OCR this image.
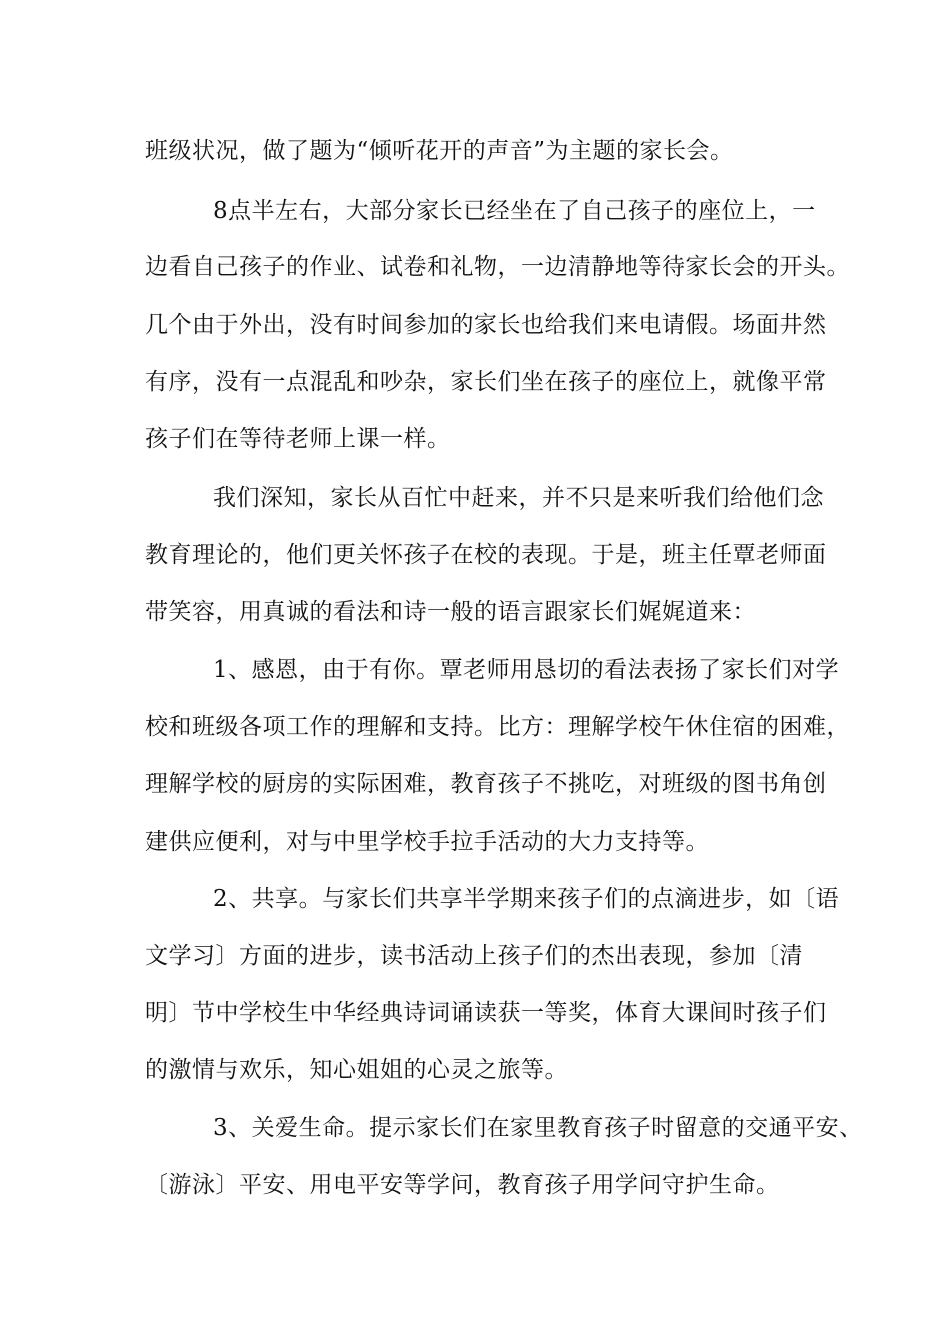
班级状况，做了题为“倾听花开的声音”为主题的家长会。
8点半左右，大部分家长已经坐在了自己孩子的座位上，一
边看自己孩子的作业、试卷和礼物，一边清静地等待家长会的开头。
几个由于外出，没有时间参加的家长也给我们来电请假。场面井然
有序，没有一点混乱和吵杂，家长们坐在孩子的座位上，就像平常
孩子们在等待老师上课一样。
我们深知，家长从百忙中赶来，并不只是来听我们给他们念
教育理论的，他们更关怀孩子在校的表现。于是，班主任覃老师面
带笑容，用真诚的看法和诗一般的语言跟家长们娓娓道来：
1、感恩，由于有你。覃老师用恳切的看法表扬了家长们对学
校和班级各项工作的理解和支持。比方：理解学校午休住宿的困难，
理解学校的厨房的实际困难，教育孩子不挑吃，对班级的图书角创
建供应便利，对与中里学校手拉手活动的大力支持等。
2、共享。与家长们共享半学期来孩子们的点滴进步，如〔语
文学习〕方面的进步，读书活动上孩子们的杰出表现，参加〔清
明〕节中学校生中华经典诗词诵读获一等奖，体育大课间时孩子们
的激情与欢乐，知心姐姐的心灵之旅等。
3、关爱生命。提示家长们在家里教育孩子时留意的交通平安、
〔游泳〕平安、用电平安等学问，教育孩子用学问守护生命。
